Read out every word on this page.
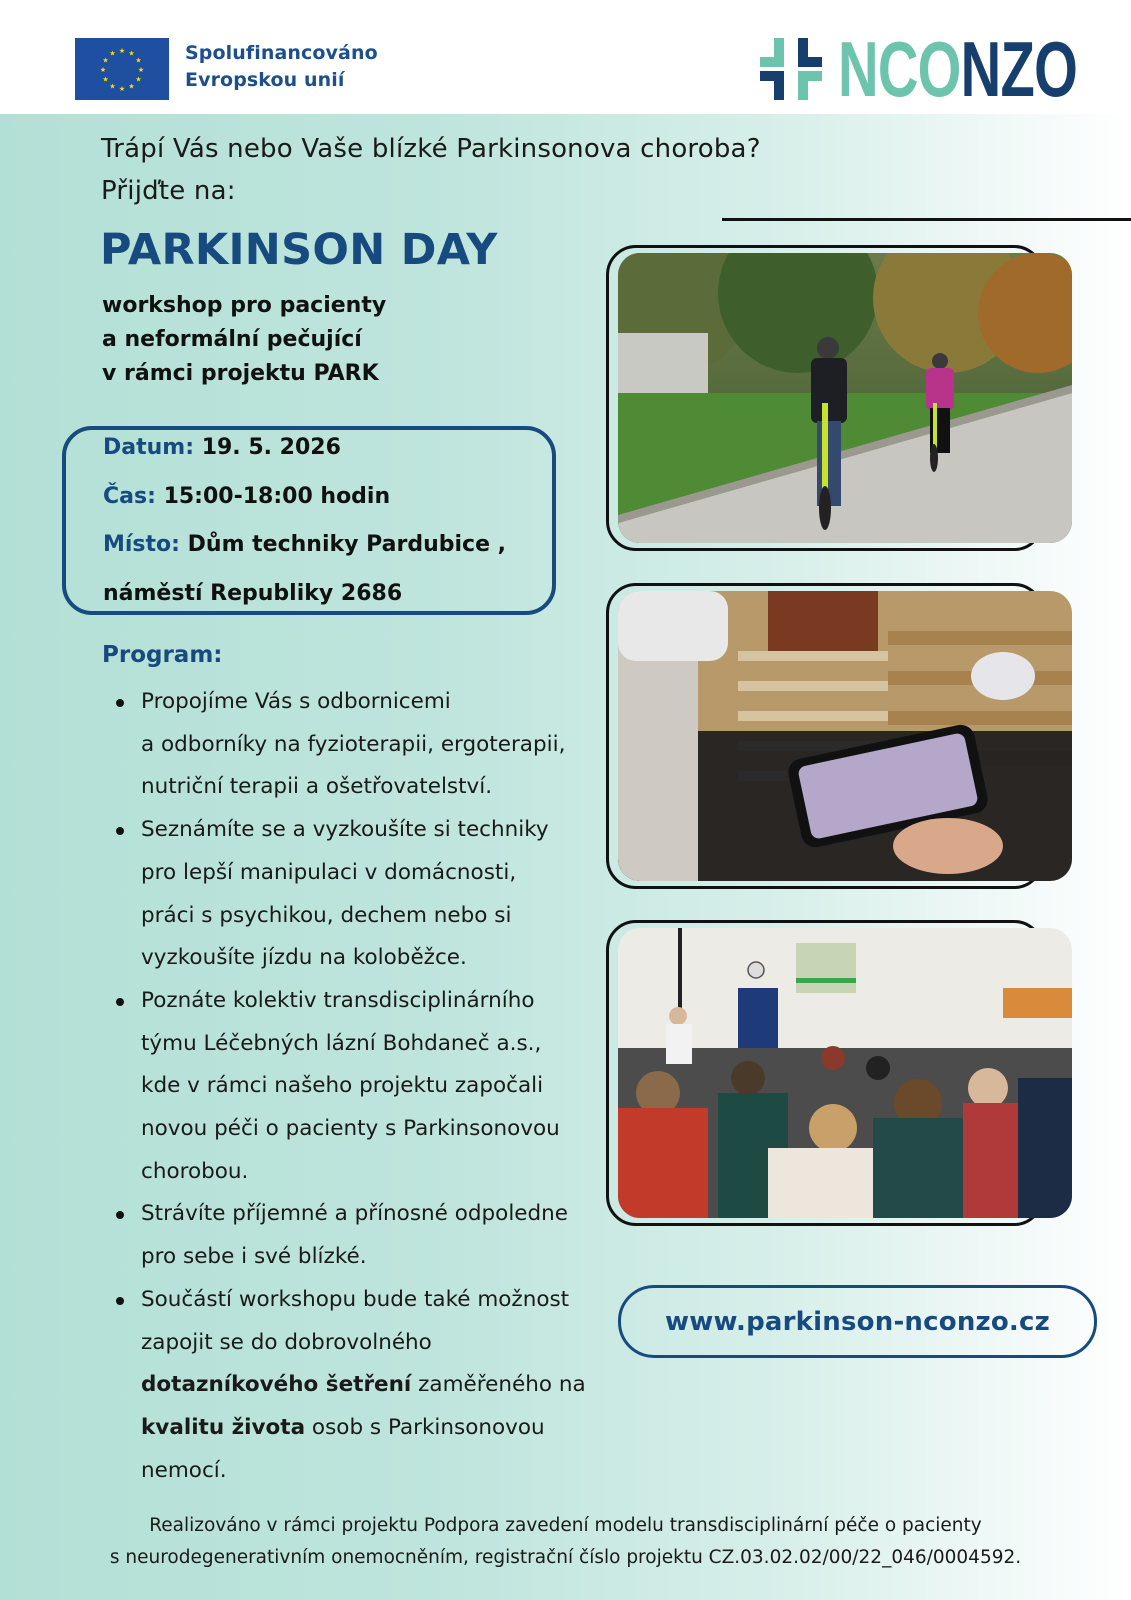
★ ★
★
★
★
★
★
★
★
★
★
★	Spolufinancováno
Evropskou unií	NCONZO
Trápí Vás nebo Vaše blízké Parkinsonova choroba?
Přijďte na:
PARKINSON DAY
workshop pro pacienty
a neformální pečující
v rámci projektu PARK
Datum: 19. 5. 2026
Čas: 15:00-18:00 hodin
Místo: Dům techniky Pardubice ,
náměstí Republiky 2686
Program:
Propojíme Vás s odbornicemi
a odborníky na fyzioterapii, ergoterapii,
nutriční terapii a ošetřovatelství.
Seznámíte se a vyzkoušíte si techniky
pro lepší manipulaci v domácnosti,
práci s psychikou, dechem nebo si
vyzkoušíte jízdu na koloběžce.
Poznáte kolektiv transdisciplinárního
týmu Léčebných lázní Bohdaneč a.s.,
kde v rámci našeho projektu započali
novou péči o pacienty s Parkinsonovou
chorobou.
Strávíte příjemné a přínosné odpoledne
pro sebe i své blízké.
Součástí workshopu bude také možnost
zapojit se do dobrovolného
dotazníkového šetření zaměřeného na
kvalitu života osob s Parkinsonovou
nemocí.
www.parkinson-nconzo.cz
Realizováno v rámci projektu Podpora zavedení modelu transdisciplinární péče o pacienty
s neurodegenerativním onemocněním, registrační číslo projektu CZ.03.02.02/00/22_046/0004592.
